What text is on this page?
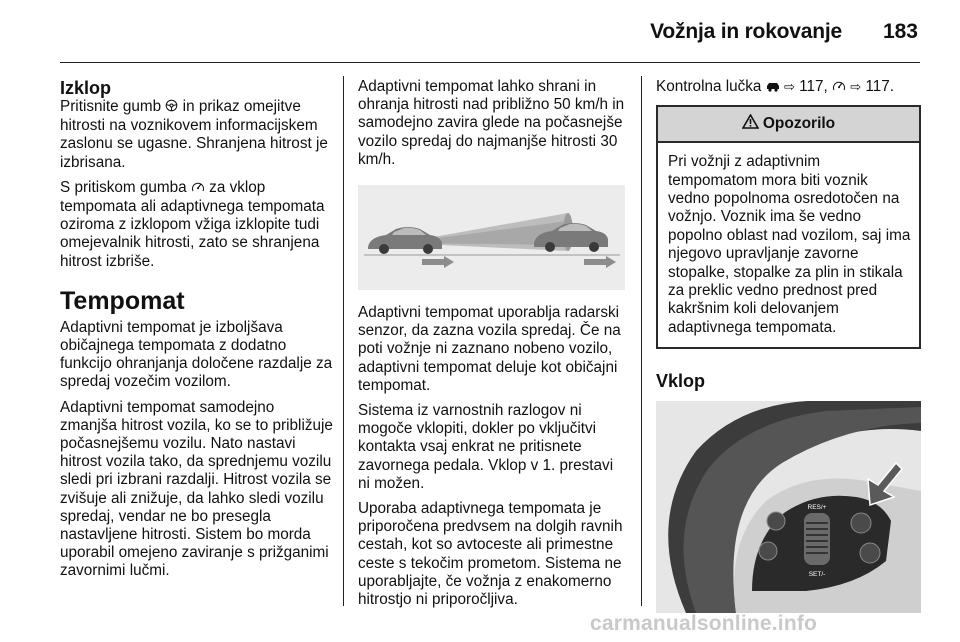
Vožnja in rokovanje 183
Izklop

Pritisnite gumb  in prikaz omejitve hitrosti na voznikovem informacijskem zaslonu se ugasne. Shranjena hitrost je izbrisana.

S pritiskom gumba  za vklop tempomata ali adaptivnega tempomata oziroma z izklopom vžiga izklopite tudi omejevalnik hitrosti, zato se shranjena hitrost izbriše.

Tempomat

Adaptivni tempomat je izboljšava običajnega tempomata z dodatno funkcijo ohranjanja določene razdalje za spredaj vozečim vozilom.

Adaptivni tempomat samodejno zmanjša hitrost vozila, ko se to približuje počasnejšemu vozilu. Nato nastavi hitrost vozila tako, da sprednjemu vozilu sledi pri izbrani razdalji. Hitrost vozila se zvišuje ali znižuje, da lahko sledi vozilu spredaj, vendar ne bo presegla nastavljene hitrosti. Sistem bo morda uporabil omejeno zaviranje s prižganimi zavornimi lučmi.

Adaptivni tempomat lahko shrani in ohranja hitrosti nad približno 50 km/h in samodejno zavira glede na počasnejše vozilo spredaj do najmanjše hitrosti 30 km/h.

Adaptivni tempomat uporablja radarski senzor, da zazna vozila spredaj. Če na poti vožnje ni zaznano nobeno vozilo, adaptivni tempomat deluje kot običajni tempomat.

Sistema iz varnostnih razlogov ni mogoče vklopiti, dokler po vključitvi kontakta vsaj enkrat ne pritisnete zavornega pedala. Vklop v 1. prestavi ni možen.

Uporaba adaptivnega tempomata je priporočena predvsem na dolgih ravnih cestah, kot so avtoceste ali primestne ceste s tekočim prometom. Sistema ne uporabljajte, če vožnja z enakomerno hitrostjo ni priporočljiva.

Kontrolna lučka  ⇨ 117,  ⇨ 117.

Opozorilo

Pri vožnji z adaptivnim tempomatom mora biti voznik vedno popolnoma osredotočen na vožnjo. Voznik ima še vedno popolno oblast nad vozilom, saj ima njegovo upravljanje zavorne stopalke, stopalke za plin in stikala za preklic vedno prednost pred kakršnim koli delovanjem adaptivnega tempomata.

Vklop
RES/+
SET/-
carmanualsonline.info
